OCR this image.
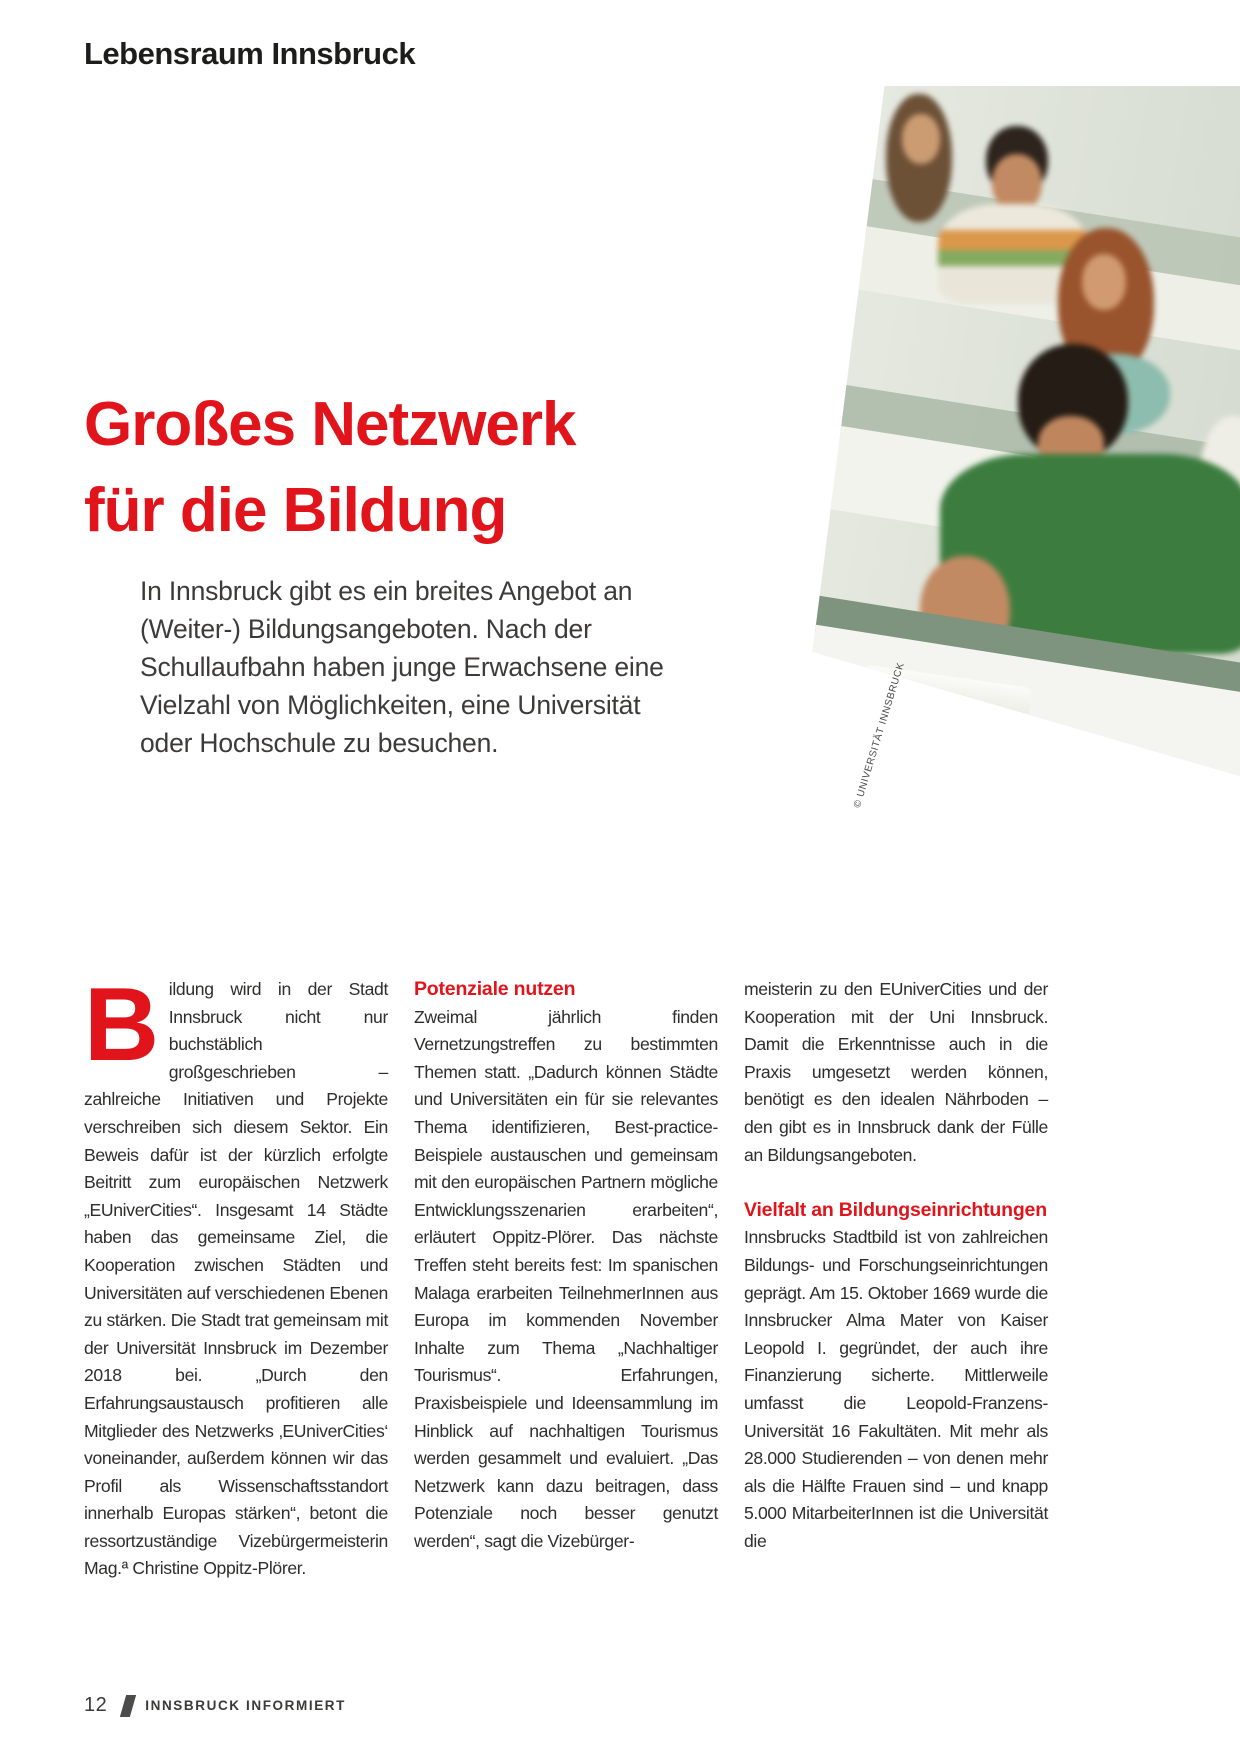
Lebensraum Innsbruck
Großes Netzwerk
für die Bildung

In Innsbruck gibt es ein breites Angebot an (Weiter-) Bildungsangeboten. Nach der Schullaufbahn haben junge Erwachsene eine Vielzahl von Möglichkeiten, eine Universität oder Hochschule zu besuchen.	© UNIVERSITÄT INNSBRUCK

Bildung wird in der Stadt Innsbruck nicht nur buchstäblich großgeschrieben – zahlreiche Initiativen und Projekte verschreiben sich diesem Sektor. Ein Beweis dafür ist der kürzlich erfolgte Beitritt zum europäischen Netzwerk „EUniverCities“. Insgesamt 14 Städte haben das gemeinsame Ziel, die Kooperation zwischen Städten und Universitäten auf verschiedenen Ebenen zu stärken. Die Stadt trat gemeinsam mit der Universität Innsbruck im Dezember 2018 bei. „Durch den Erfahrungsaustausch profitieren alle Mitglieder des Netzwerks ‚EUniverCities‘ voneinander, außerdem können wir das Profil als Wissenschaftsstandort innerhalb Europas stärken“, betont die ressortzuständige Vizebürgermeisterin Mag.ª Christine Oppitz-Plörer.

Potenziale nutzen

Zweimal jährlich finden Vernetzungstreffen zu bestimmten Themen statt. „Dadurch können Städte und Universitäten ein für sie relevantes Thema identifizieren, Best-practice-Beispiele austauschen und gemeinsam mit den europäischen Partnern mögliche Entwicklungsszenarien erarbeiten“, erläutert Oppitz-Plörer. Das nächste Treffen steht bereits fest: Im spanischen Malaga erarbeiten TeilnehmerInnen aus Europa im kommenden November Inhalte zum Thema „Nachhaltiger Tourismus“. Erfahrungen, Praxisbeispiele und Ideensammlung im Hinblick auf nachhaltigen Tourismus werden gesammelt und evaluiert. „Das Netzwerk kann dazu beitragen, dass Potenziale noch besser genutzt werden“, sagt die Vizebürger-

meisterin zu den EUniverCities und der Kooperation mit der Uni Innsbruck. Damit die Erkenntnisse auch in die Praxis umgesetzt werden können, benötigt es den idealen Nährboden – den gibt es in Innsbruck dank der Fülle an Bildungsangeboten.

Vielfalt an Bildungseinrichtungen

Innsbrucks Stadtbild ist von zahlreichen Bildungs- und Forschungseinrichtungen geprägt. Am 15. Oktober 1669 wurde die Innsbrucker Alma Mater von Kaiser Leopold I. gegründet, der auch ihre Finanzierung sicherte. Mittlerweile umfasst die Leopold-Franzens-Universität 16 Fakultäten. Mit mehr als 28.000 Studierenden – von denen mehr als die Hälfte Frauen sind – und knapp 5.000 MitarbeiterInnen ist die Universität die

12	INNSBRUCK INFORMIERT
